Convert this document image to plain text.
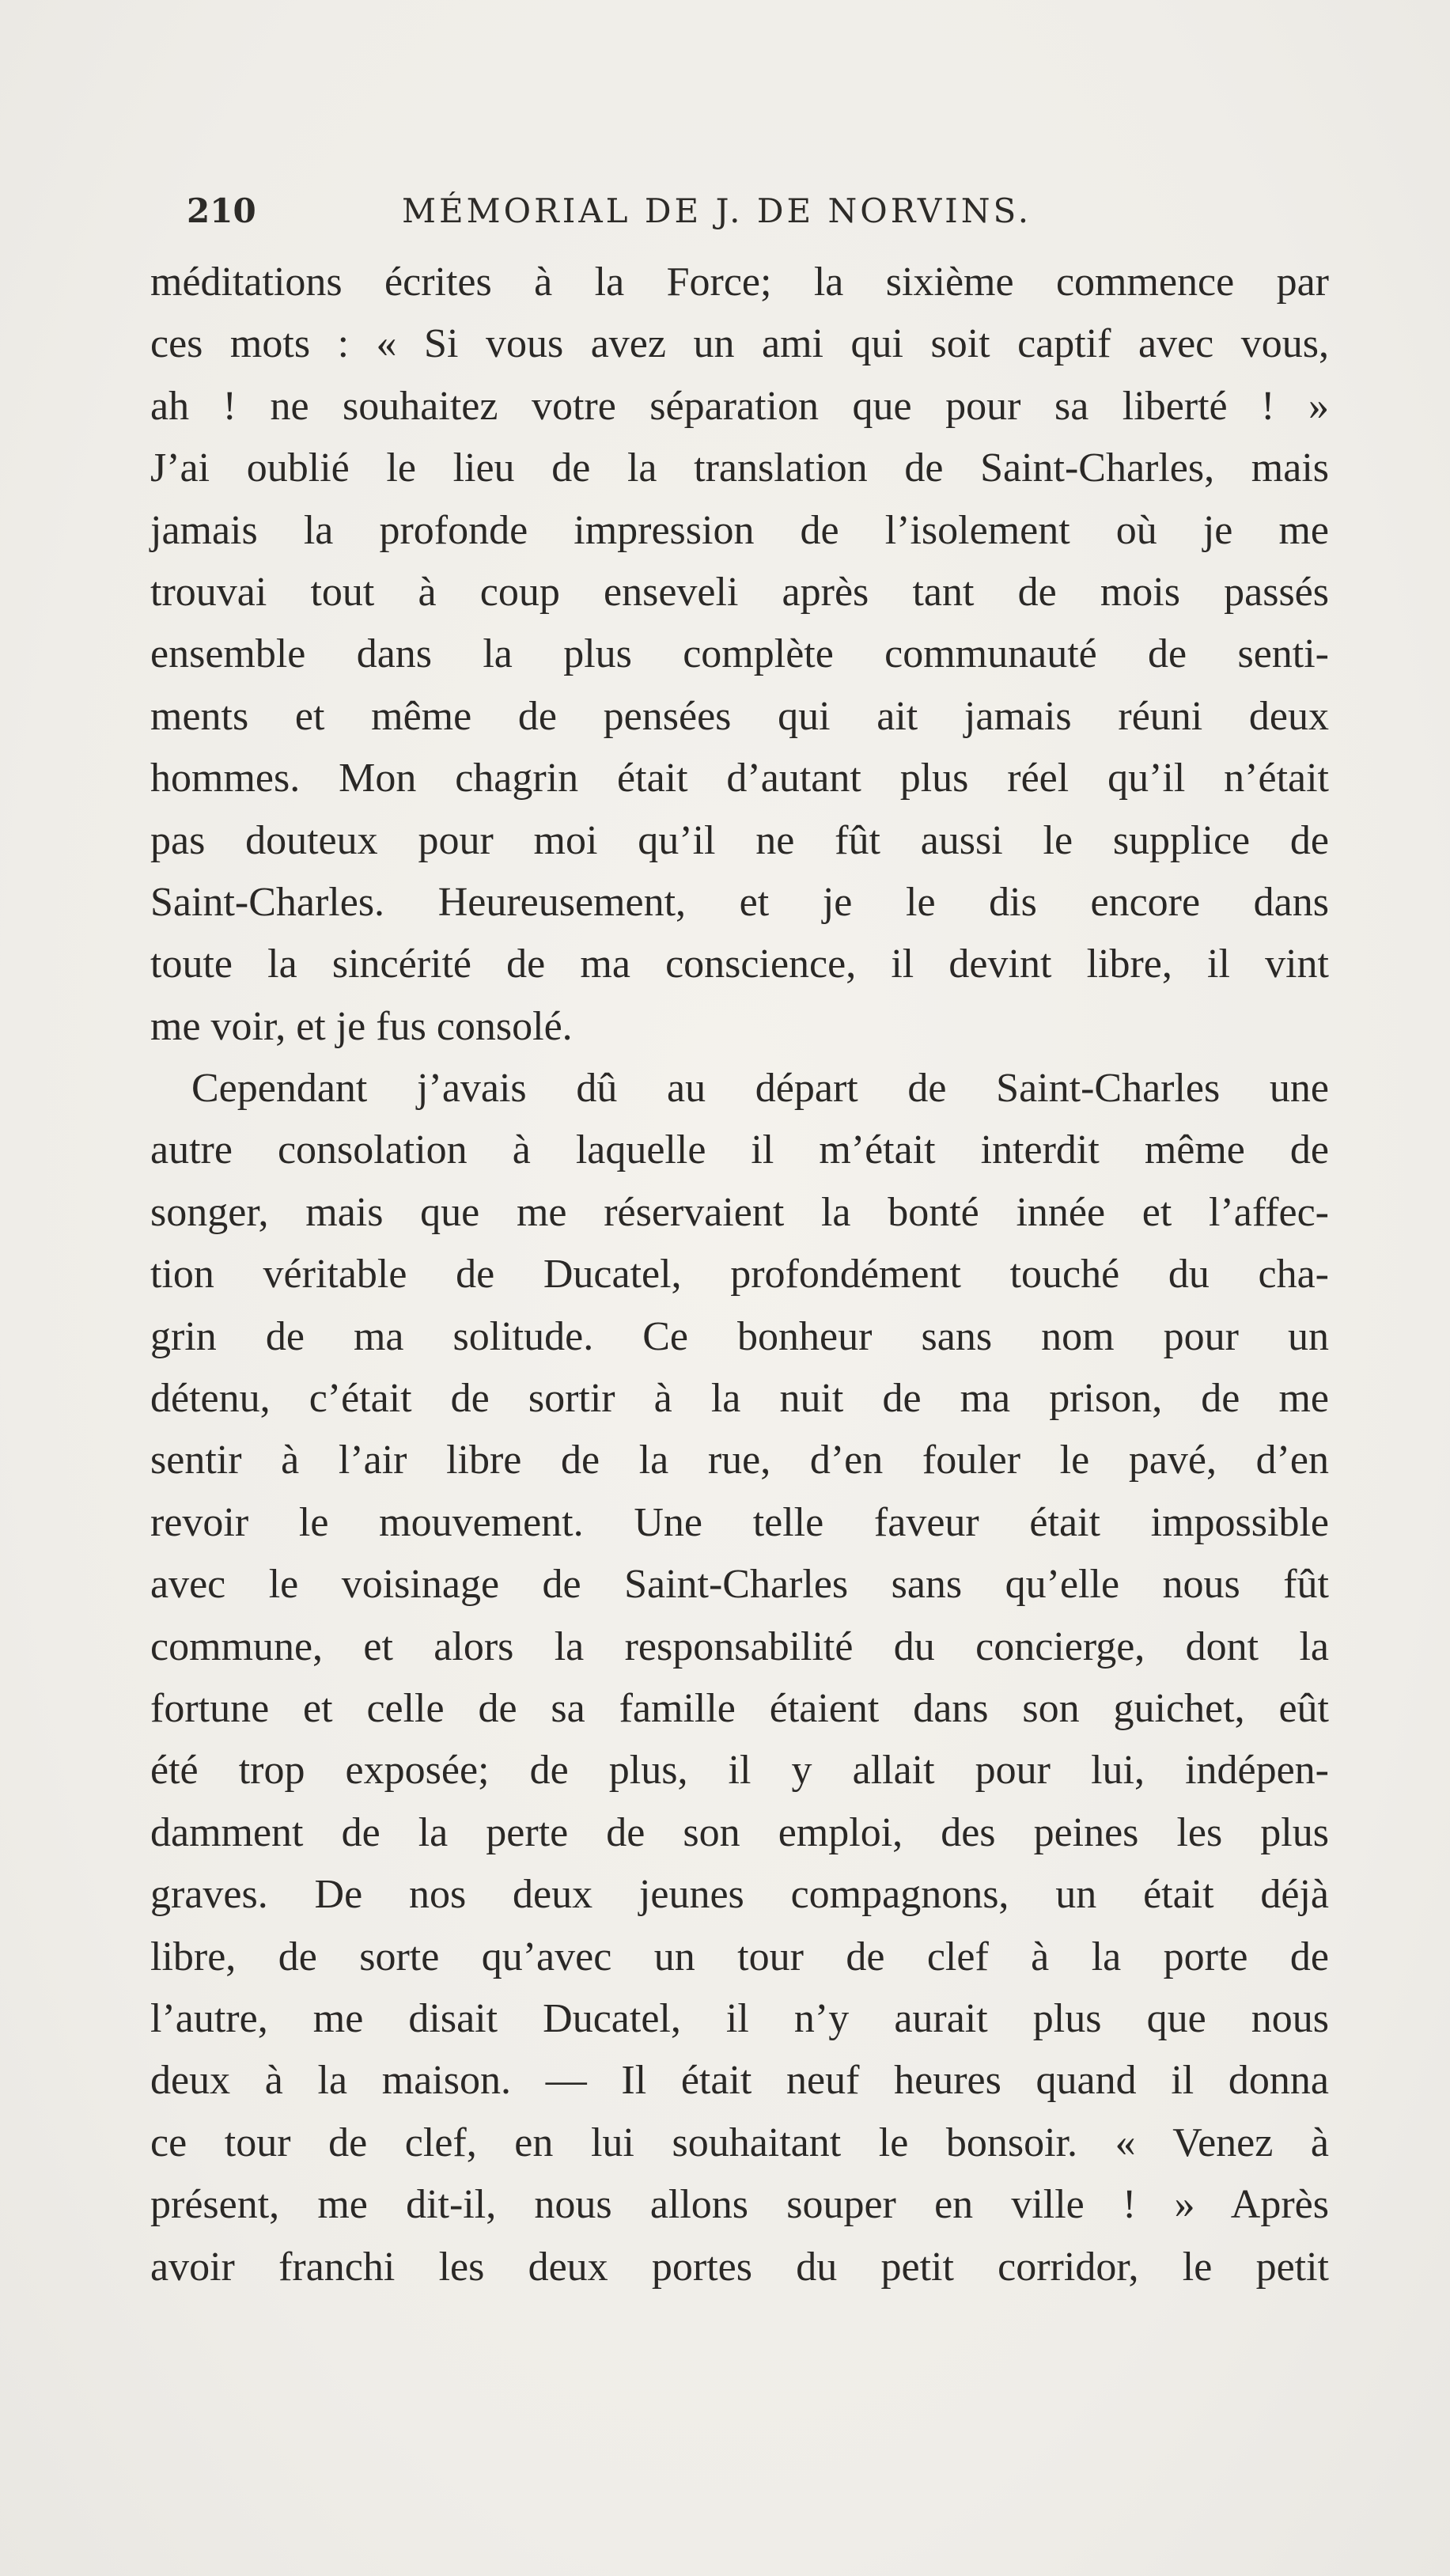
210	MÉMORIAL DE J. DE NORVINS.
méditations écrites à la Force; la sixième commence par
ces mots : « Si vous avez un ami qui soit captif avec vous,
ah ! ne souhaitez votre séparation que pour sa liberté ! »
J’ai oublié le lieu de la translation de Saint-Charles, mais
jamais la profonde impression de l’isolement où je me
trouvai tout à coup enseveli après tant de mois passés
ensemble dans la plus complète communauté de senti-
ments et même de pensées qui ait jamais réuni deux
hommes. Mon chagrin était d’autant plus réel qu’il n’était
pas douteux pour moi qu’il ne fût aussi le supplice de
Saint-Charles. Heureusement, et je le dis encore dans
toute la sincérité de ma conscience, il devint libre, il vint
me voir, et je fus consolé.
Cependant j’avais dû au départ de Saint-Charles une
autre consolation à laquelle il m’était interdit même de
songer, mais que me réservaient la bonté innée et l’affec-
tion véritable de Ducatel, profondément touché du cha-
grin de ma solitude. Ce bonheur sans nom pour un
détenu, c’était de sortir à la nuit de ma prison, de me
sentir à l’air libre de la rue, d’en fouler le pavé, d’en
revoir le mouvement. Une telle faveur était impossible
avec le voisinage de Saint-Charles sans qu’elle nous fût
commune, et alors la responsabilité du concierge, dont la
fortune et celle de sa famille étaient dans son guichet, eût
été trop exposée; de plus, il y allait pour lui, indépen-
damment de la perte de son emploi, des peines les plus
graves. De nos deux jeunes compagnons, un était déjà
libre, de sorte qu’avec un tour de clef à la porte de
l’autre, me disait Ducatel, il n’y aurait plus que nous
deux à la maison. — Il était neuf heures quand il donna
ce tour de clef, en lui souhaitant le bonsoir. « Venez à
présent, me dit-il, nous allons souper en ville ! » Après
avoir franchi les deux portes du petit corridor, le petit
